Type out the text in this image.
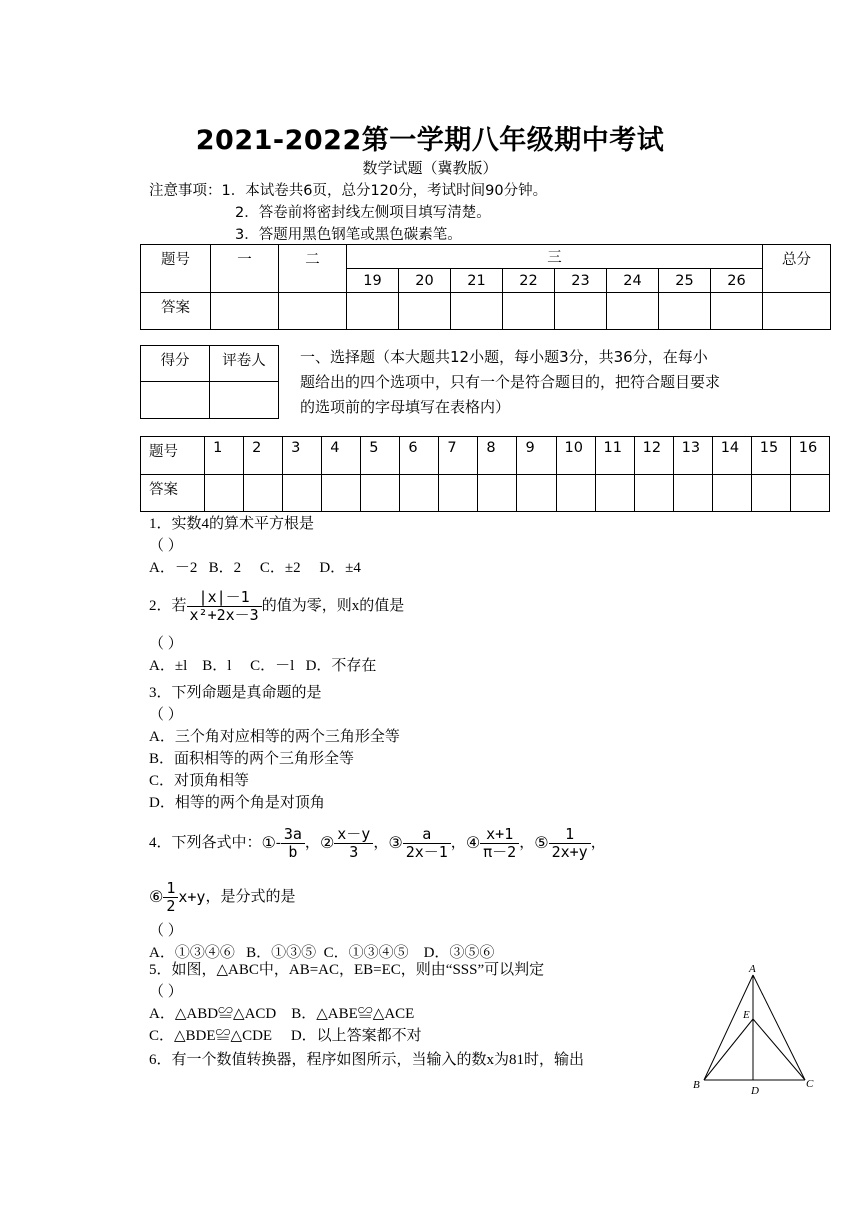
2021-2022第一学期八年级期中考试
数学试题（冀教版）
注意事项：1．本试卷共6页，总分120分，考试时间90分钟。
2．答卷前将密封线左侧项目填写清楚。
3．答题用黑色钢笔或黑色碳素笔。
题号	一	二	三								总分
			19	20	21	22	23	24	25	26	
答案											
得分	评卷人
	一、选择题（本大题共12小题，每小题3分，共36分，在每小题给出的四个选项中，只有一个是符合题目的，把符合题目要求的选项前的字母填写在表格内）
题号	1	2	3	4	5	6	7	8	9	10	11	12	13	14	15	16
答案																
1．实数4的算术平方根是
（ ）
A．－2   B．2     C．±2     D．±4
2．若 $\frac{|x|-1}{\text{x²+2x－3}}$ 的值为零，则x的值是
（ ）
A．±l    B．l     C．－l   D．不存在
3．下列命题是真命题的是
（ ）
A．三个角对应相等的两个三角形全等
B．面积相等的两个三角形全等
C．对顶角相等
D．相等的两个角是对顶角
4．下列各式中： ① - $\frac{3a}{b}$ ， ② $\frac{x-y}{3}$ ， ③ $\frac{a}{2x-1}$ ， ④ $\frac{x+1}{\pi-2}$ ， ⑤ $\frac{1}{2x+y}$ ，
⑥ $\frac{1}{2} x+y$ ，是分式的是
（ ）
A．①③④⑥   B．①③⑤  C．①③④⑤    D．③⑤⑥
5．如图，△ABC中，AB=AC，EB=EC，则由“SSS”可以判定
（ ）
A．△ABD≌△ACD    B．△ABE≌△ACE
C．△BDE≌△CDE     D．以上答案都不对
6．有一个数值转换器，程序如图所示，当输入的数x为81时，输出
A
B	C
D
E
